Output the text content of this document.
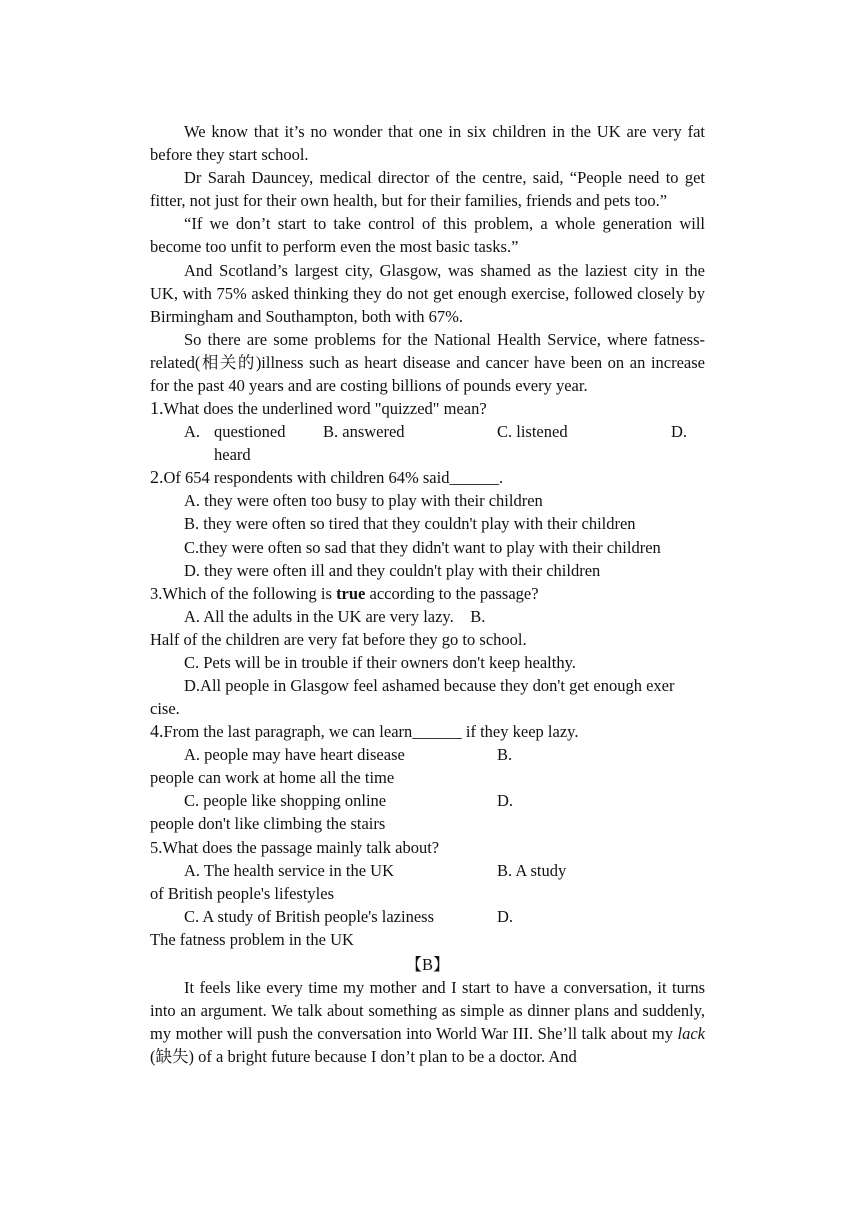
We know that it’s no wonder that one in six children in the UK are very fat before they start school.

Dr Sarah Dauncey, medical director of the centre, said, “People need to get fitter, not just for their own health, but for their families, friends and pets too.”

“If we don’t start to take control of this problem, a whole generation will become too unfit to perform even the most basic tasks.”

And Scotland’s largest city, Glasgow, was shamed as the laziest city in the UK, with 75% asked thinking they do not get enough exercise, followed closely by Birmingham and Southampton, both with 67%.

So there are some problems for the National Health Service, where fatness-related(相关的)illness such as heart disease and cancer have been on an increase for the past 40 years and are costing billions of pounds every year.

1.What does the underlined word "quizzed" mean?

A. questioned B. answered	C. listened	D.
heard

2.Of 654 respondents with children 64% said______.

A. they were often too busy to play with their children

B. they were often so tired that they couldn't play with their children

C.they were often so sad that they didn't want to play with their children

D. they were often ill and they couldn't play with their children

3.Which of the following is true according to the passage?

A. All the adults in the UK are very lazy. B.

Half of the children are very fat before they go to school.

C. Pets will be in trouble if their owners don't keep healthy.

D.All people in Glasgow feel ashamed because they don't get enough exer

cise.

4.From the last paragraph, we can learn______ if they keep lazy.

A. people may have heart disease	B.

people can work at home all the time

C. people like shopping online	D.

people don't like climbing the stairs

5.What does the passage mainly talk about?

A. The health service in the UK	B. A study

of British people's lifestyles

C. A study of British people's laziness	D.

The fatness problem in the UK

【B】

It feels like every time my mother and I start to have a conversation, it turns into an argument. We talk about something as simple as dinner plans and suddenly, my mother will push the conversation into World War III. She’ll talk about my lack (缺失) of a bright future because I don’t plan to be a doctor. And
